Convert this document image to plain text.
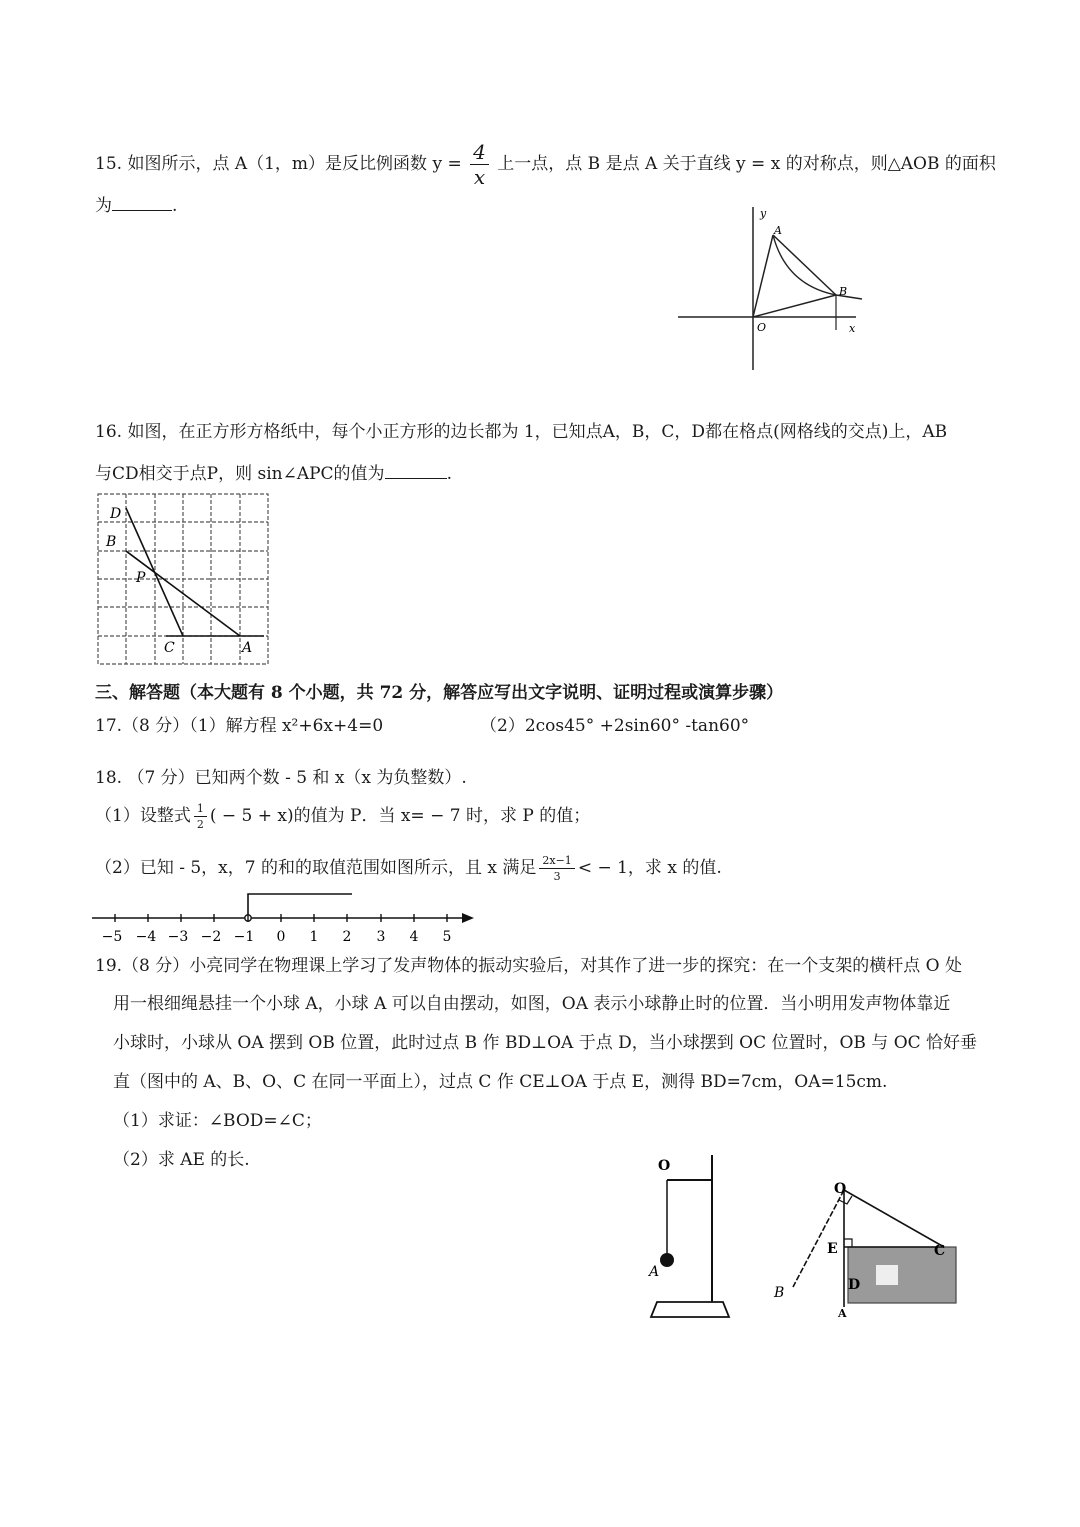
15. 如图所示，点 A（1，m）是反比例函数 $y = \frac{4}{x}$ 上一点，点 B 是点 A 关于直线 y = x 的对称点，则△AOB 的面积
为	.	y
x
O
A
B
16. 如图，在正方形方格纸中，每个小正方形的边长都为 1，已知点A，B，C，D都在格点(网格线的交点)上，AB
与CD相交于点P，则 sin∠APC的值为	.
D
B
P
C	A
三、解答题（本大题有 8 个小题，共 72 分，解答应写出文字说明、证明过程或演算步骤）
17.（8 分）（1）解方程 x²+6x+4=0	（2）2cos45° +2sin60° -tan60°
18. （7 分）已知两个数 - 5 和 x（x 为负整数）.
（1）设整式 $\frac{1}{2}$ ( − 5 + x)的值为 P．当 x= − 7 时，求 P 的值；
（2）已知 - 5，x，7 的和的取值范围如图所示，且 x 满足 $\frac{2x-1}{3}$ < − 1，求 x 的值.
−5 −4 −3 −2 −1 0 1 2 3 4 5
19.（8 分）小亮同学在物理课上学习了发声物体的振动实验后，对其作了进一步的探究：在一个支架的横杆点 O 处
用一根细绳悬挂一个小球 A，小球 A 可以自由摆动，如图，OA 表示小球静止时的位置．当小明用发声物体靠近
小球时，小球从 OA 摆到 OB 位置，此时过点 B 作 BD⊥OA 于点 D，当小球摆到 OC 位置时，OB 与 OC 恰好垂
直（图中的 A、B、O、C 在同一平面上），过点 C 作 CE⊥OA 于点 E，测得 BD=7cm，OA=15cm.
（1）求证：∠BOD=∠C；
（2）求 AE 的长.	O
A
O
E	C
B	D
A
